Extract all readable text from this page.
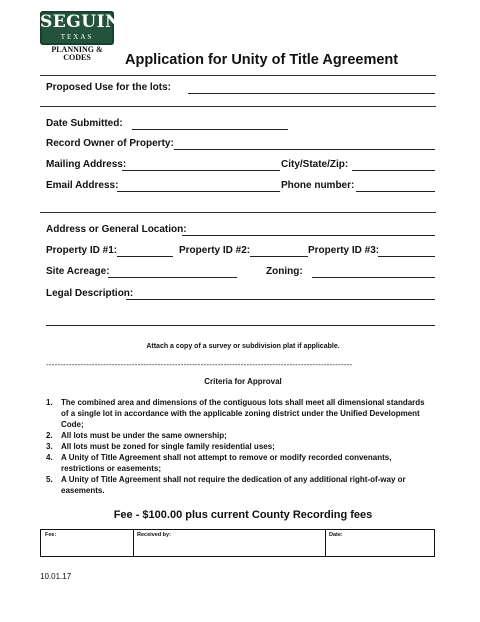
SEGUIN
TEXAS
PLANNING &
CODES	Application for Unity of Title Agreement
Proposed Use for the lots:
Date Submitted:
Record Owner of Property:
Mailing Address:	City/State/Zip:
Email Address:	Phone number:
Address or General Location:
Property ID #1:	Property ID #2:	Property ID #3:
Site Acreage:	Zoning:
Legal Description:
Attach a copy of a survey or subdivision plat if applicable.
-----------------------------------------------------------------------------------------------------------
Criteria for Approval
1. The combined area and dimensions of the contiguous lots shall meet all dimensional standards of a single lot in accordance with the applicable zoning district under the Unified Development Code;
2. All lots must be under the same ownership;
3. All lots must be zoned for single family residential uses;
4. A Unity of Title Agreement shall not attempt to remove or modify recorded convenants, restrictions or easements;
5. A Unity of Title Agreement shall not require the dedication of any additional right-of-way or easements.
Fee - $100.00 plus current County Recording fees
Fee:	Received by:	Date:
10.01.17
